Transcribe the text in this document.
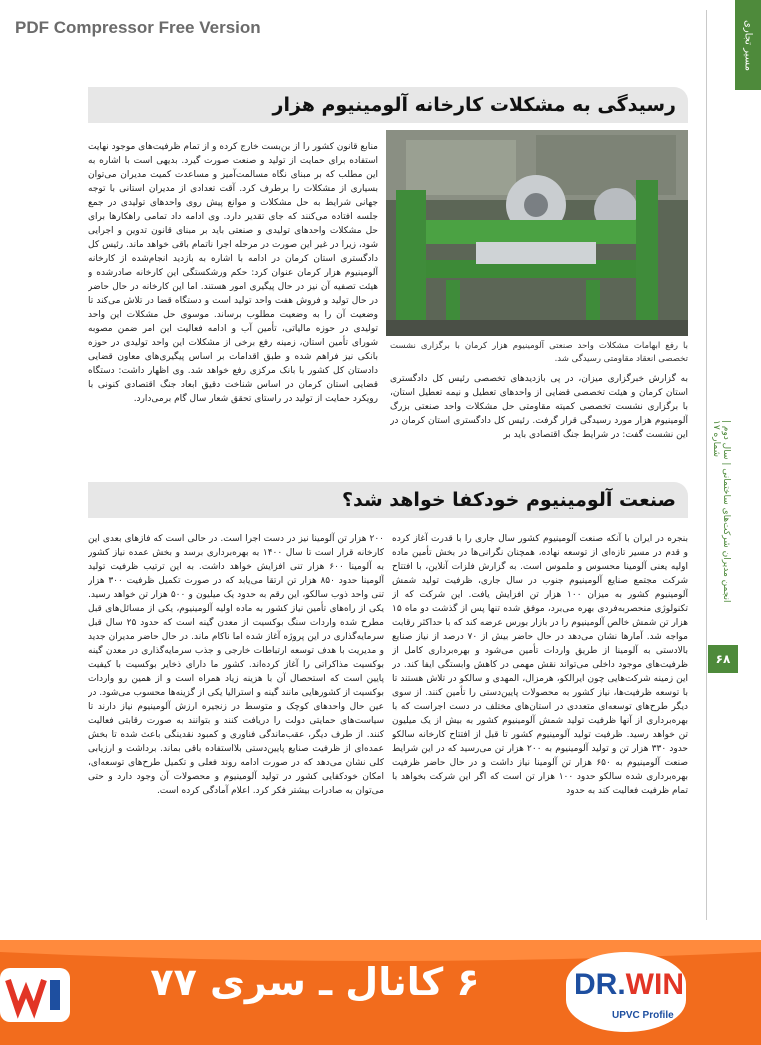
PDF Compressor Free Version	مسیر تجاری
رسیدگی به مشکلات کارخانه آلومینیوم هزار
منابع قانون کشور را از بن‌بست خارج کرده و از تمام ظرفیت‌های موجود نهایت استفاده برای حمایت از تولید و صنعت صورت گیرد. بدیهی است با اشاره به این مطلب که بر مبنای نگاه مسالمت‌آمیز و مساعدت کمیت مدیران می‌توان بسیاری از مشکلات را برطرف کرد. آقت تعدادی از مدیران استانی با توجه جهانی شرایط به حل مشکلات و موانع پیش روی واحدهای تولیدی در جمع جلسه افتاده می‌کنند که جای تقدیر دارد. وی ادامه داد تمامی راهکارها برای حل مشکلات واحدهای تولیدی و صنعتی باید بر مبنای قانون تدوین و اجرایی شود، زیرا در غیر این صورت در مرحله اجرا ناتمام باقی خواهد ماند. رئیس کل دادگستری استان کرمان در ادامه با اشاره به بازدید انجام‌شده از کارخانه آلومینیوم هزار کرمان عنوان کرد: حکم ورشکستگی این کارخانه صادرشده و هیئت تصفیه آن نیز در حال پیگیری امور هستند. اما این کارخانه در حال حاضر در حال تولید و فروش هفت واحد تولید است و دستگاه قضا در تلاش می‌کند تا وضعیت آن را به وضعیت مطلوب برساند. موسوی حل مشکلات این واحد تولیدی در حوزه مالیاتی، تأمین آب و ادامه فعالیت این امر ضمن مصوبه شورای تأمین استان، زمینه رفع برخی از مشکلات این واحد تولیدی در حوزه بانکی نیز فراهم شده و طبق اقدامات بر اساس پیگیری‌های معاون قضایی دادستان کل کشور با بانک مرکزی رفع خواهد شد. وی اظهار داشت: دستگاه قضایی استان کرمان در اساس شناخت دقیق ابعاد جنگ اقتصادی کنونی با رویکرد حمایت از تولید در راستای تحقق شعار سال گام برمی‌دارد.
با رفع ابهامات مشکلات واحد صنعتی آلومینیوم هزار کرمان با برگزاری نشست تخصصی انعقاد مقاومتی رسیدگی شد.
به گزارش خبرگزاری میزان، در پی بازدیدهای تخصصی رئیس کل دادگستری استان کرمان و هیئت تخصصی قضایی از واحدهای تعطیل و نیمه تعطیل استان، با برگزاری نشست تخصصی کمیته مقاومتی حل مشکلات واحد صنعتی بزرگ آلومینیوم هزار مورد رسیدگی قرار گرفت. رئیس کل دادگستری استان کرمان در این نشست گفت: در شرایط جنگ اقتصادی باید بر
صنعت آلومینیوم خودکفا خواهد شد؟
۲۰۰ هزار تن آلومینا نیز در دست اجرا است. در حالی است که فازهای بعدی این کارخانه قرار است تا سال ۱۴۰۰ به بهره‌برداری برسد و بخش عمده نیاز کشور به آلومینا ۶۰۰ هزار تنی افزایش خواهد داشت. به این ترتیب ظرفیت تولید آلومینا حدود ۸۵۰ هزار تن ارتقا می‌یابد که در صورت تکمیل ظرفیت ۳۰۰ هزار تنی واحد ذوب سالکو، این رقم به حدود یک میلیون و ۵۰۰ هزار تن خواهد رسید. یکی از راه‌های تأمین نیاز کشور به ماده اولیه آلومینیوم، یکی از مسائل‌های قبل مطرح شده واردات سنگ بوکسیت از معدن گینه است که حدود ۲۵ سال قبل سرمایه‌گذاری در این پروژه آغاز شده اما ناکام ماند. در حال حاضر مدیران جدید و مدیریت با هدف توسعه ارتباطات خارجی و جذب سرمایه‌گذاری در معدن گینه بوکسیت مذاکراتی را آغاز کرده‌اند. کشور ما دارای ذخایر بوکسیت با کیفیت پایین است که استحصال آن با هزینه زیاد همراه است و از همین رو واردات بوکسیت از کشورهایی مانند گینه و استرالیا یکی از گزینه‌ها محسوب می‌شود. در عین حال واحدهای کوچک و متوسط در زنجیره ارزش آلومینیوم نیاز دارند تا سیاست‌های حمایتی دولت را دریافت کنند و بتوانند به صورت رقابتی فعالیت کنند. از طرف دیگر، عقب‌ماندگی فناوری و کمبود نقدینگی باعث شده تا بخش عمده‌ای از ظرفیت صنایع پایین‌دستی بلااستفاده باقی بماند. برداشت و ارزیابی کلی نشان می‌دهد که در صورت ادامه روند فعلی و تکمیل طرح‌های توسعه‌ای، امکان خودکفایی کشور در تولید آلومینیوم و محصولات آن وجود دارد و حتی می‌توان به صادرات بیشتر فکر کرد. اعلام آمادگی کرده است.
بنجره در ایران با آنکه صنعت آلومینیوم کشور سال جاری را با قدرت آغاز کرده و قدم در مسیر تازه‌ای از توسعه نهاده، همچنان نگرانی‌ها در بخش تأمین ماده اولیه یعنی آلومینا محسوس و ملموس است. به گزارش فلزات آنلاین، با افتتاح شرکت مجتمع صنایع آلومینیوم جنوب در سال جاری، ظرفیت تولید شمش آلومینیوم کشور به میزان ۱۰۰ هزار تن افزایش یافت. این شرکت که از تکنولوژی منحصربه‌فردی بهره می‌برد، موفق شده تنها پس از گذشت دو ماه ۱۵ هزار تن شمش خالص آلومینیوم را در بازار بورس عرضه کند که با حداکثر رقابت مواجه شد. آمارها نشان می‌دهد در حال حاضر بیش از ۷۰ درصد از نیاز صنایع بالادستی به آلومینا از طریق واردات تأمین می‌شود و بهره‌برداری کامل از ظرفیت‌های موجود داخلی می‌تواند نقش مهمی در کاهش وابستگی ایفا کند. در این زمینه شرکت‌هایی چون ایرالکو، هرمزال، المهدی و سالکو در تلاش هستند تا با توسعه ظرفیت‌ها، نیاز کشور به محصولات پایین‌دستی را تأمین کنند. از سوی دیگر طرح‌های توسعه‌ای متعددی در استان‌های مختلف در دست اجراست که با بهره‌برداری از آنها ظرفیت تولید شمش آلومینیوم کشور به بیش از یک میلیون تن خواهد رسید. ظرفیت تولید آلومینیوم کشور تا قبل از افتتاح کارخانه سالکو حدود ۳۳۰ هزار تن و تولید آلومینیوم به ۲۰۰ هزار تن می‌رسید که در این شرایط صنعت آلومینیوم به ۶۵۰ هزار تن آلومینا نیاز داشت و در حال حاضر ظرفیت بهره‌برداری شده سالکو حدود ۱۰۰ هزار تن است که اگر این شرکت بخواهد با تمام ظرفیت فعالیت کند به حدود
انجمن مدیران شرکت‌های ساختمانی | سال دوم | شماره ۱۷
۶۸
۶ کانال ـ سری ۷۷	DR.WIN
UPVC Profile
